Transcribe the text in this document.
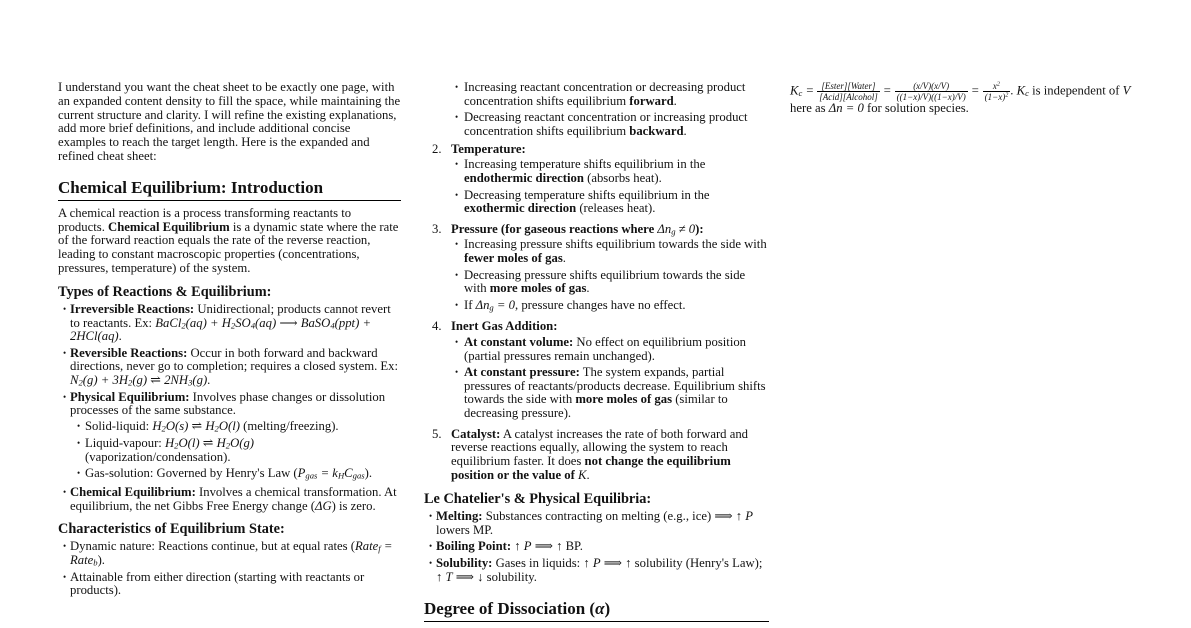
I understand you want the cheat sheet to be exactly one page, with an expanded content density to fill the space, while maintaining the current structure and clarity. I will refine the existing explanations, add more brief definitions, and include additional concise examples to reach the target length. Here is the expanded and refined cheat sheet:
Chemical Equilibrium: Introduction
A chemical reaction is a process transforming reactants to products. Chemical Equilibrium is a dynamic state where the rate of the forward reaction equals the rate of the reverse reaction, leading to constant macroscopic properties (concentrations, pressures, temperature) of the system.
Types of Reactions & Equilibrium:
•
Irreversible Reactions: Unidirectional; products cannot revert to reactants. Ex: BaCl2(aq) + H2SO4(aq) ⟶ BaSO4(ppt) + 2HCl(aq).
•
Reversible Reactions: Occur in both forward and backward directions, never go to completion; requires a closed system. Ex: N2(g) + 3H2(g) ⇌ 2NH3(g).
•
Physical Equilibrium: Involves phase changes or dissolution processes of the same substance.
•
Solid-liquid: H2O(s) ⇌ H2O(l) (melting/freezing).
•
Liquid-vapour: H2O(l) ⇌ H2O(g) (vaporization/condensation).
•
Gas-solution: Governed by Henry's Law (Pgas = kHCgas).
•
Chemical Equilibrium: Involves a chemical transformation. At equilibrium, the net Gibbs Free Energy change (ΔG) is zero.
Characteristics of Equilibrium State:
•
Dynamic nature: Reactions continue, but at equal rates (Ratef = Rateb).
•
Attainable from either direction (starting with reactants or products).
•
Increasing reactant concentration or decreasing product concentration shifts equilibrium forward.
•
Decreasing reactant concentration or increasing product concentration shifts equilibrium backward.
2. Temperature:
•
Increasing temperature shifts equilibrium in the endothermic direction (absorbs heat).
•
Decreasing temperature shifts equilibrium in the exothermic direction (releases heat).
3. Pressure (for gaseous reactions where Δng ≠ 0):
•
Increasing pressure shifts equilibrium towards the side with fewer moles of gas.
•
Decreasing pressure shifts equilibrium towards the side with more moles of gas.
•
If Δng = 0, pressure changes have no effect.
4. Inert Gas Addition:
•
At constant volume: No effect on equilibrium position (partial pressures remain unchanged).
•
At constant pressure: The system expands, partial pressures of reactants/products decrease. Equilibrium shifts towards the side with more moles of gas (similar to decreasing pressure).
5. Catalyst: A catalyst increases the rate of both forward and reverse reactions equally, allowing the system to reach equilibrium faster. It does not change the equilibrium position or the value of K.
Le Chatelier's & Physical Equilibria:
•
Melting: Substances contracting on melting (e.g., ice) ⟹ ↑ P lowers MP.
•
Boiling Point: ↑ P ⟹ ↑ BP.
•
Solubility: Gases in liquids: ↑ P ⟹ ↑ solubility (Henry's Law); ↑ T ⟹ ↓ solubility.
Degree of Dissociation (α)
$Kc = \frac{\text{[Ester][Water]}}{\text{[Acid][Alcohol]}} = \frac{(x/V)(x/V)}{((1-x)/V)((1-x)/V)} = \frac{x^2}{(1-x)^2}$ . Kc is independent of V here as Δn = 0 for solution species.
